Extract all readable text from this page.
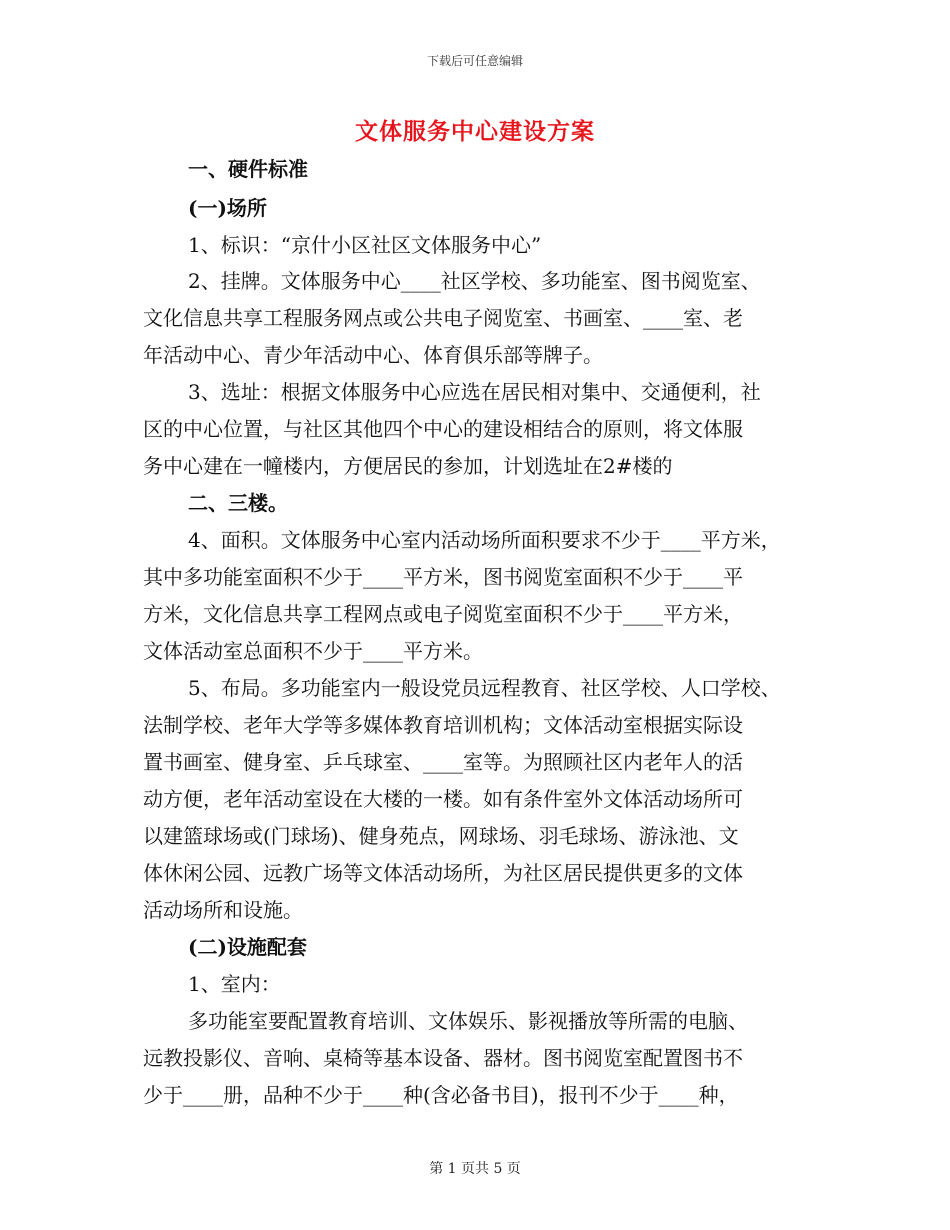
下载后可任意编辑
文体服务中心建设方案
一、硬件标准
(一)场所
1、标识：“京什小区社区文体服务中心”
2、挂牌。文体服务中心____社区学校、多功能室、图书阅览室、
文化信息共享工程服务网点或公共电子阅览室、书画室、____室、老
年活动中心、青少年活动中心、体育俱乐部等牌子。
3、选址：根据文体服务中心应选在居民相对集中、交通便利，社
区的中心位置，与社区其他四个中心的建设相结合的原则，将文体服
务中心建在一幢楼内，方便居民的参加，计划选址在2#楼的
二、三楼。
4、面积。文体服务中心室内活动场所面积要求不少于____平方米，
其中多功能室面积不少于____平方米，图书阅览室面积不少于____平
方米，文化信息共享工程网点或电子阅览室面积不少于____平方米，
文体活动室总面积不少于____平方米。
5、布局。多功能室内一般设党员远程教育、社区学校、人口学校、
法制学校、老年大学等多媒体教育培训机构；文体活动室根据实际设
置书画室、健身室、乒乓球室、____室等。为照顾社区内老年人的活
动方便，老年活动室设在大楼的一楼。如有条件室外文体活动场所可
以建篮球场或(门球场)、健身苑点，网球场、羽毛球场、游泳池、文
体休闲公园、远教广场等文体活动场所，为社区居民提供更多的文体
活动场所和设施。
(二)设施配套
1、室内：
多功能室要配置教育培训、文体娱乐、影视播放等所需的电脑、
远教投影仪、音响、桌椅等基本设备、器材。图书阅览室配置图书不
少于____册，品种不少于____种(含必备书目)，报刊不少于____种，
第 1 页共 5 页
